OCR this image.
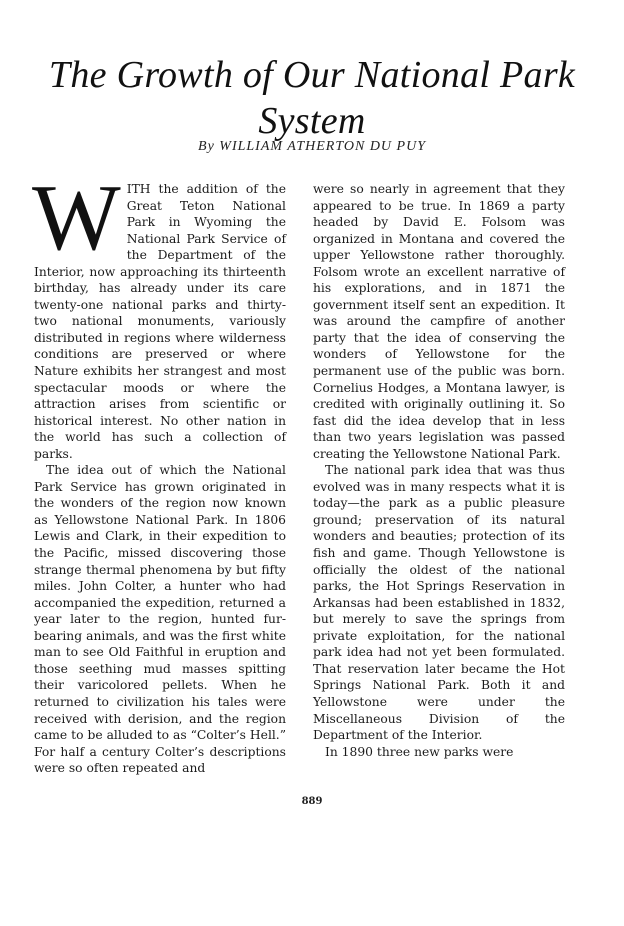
The Growth of Our National Park System
By WILLIAM ATHERTON DU PUY

WITH the addition of the Great Teton National Park in Wyoming the National Park Service of the Department of the Interior, now approaching its thirteenth birthday, has already under its care twenty-one national parks and thirty-two national monuments, variously distributed in regions where wilderness conditions are preserved or where Nature exhibits her strangest and most spectacular moods or where the attraction arises from scientific or historical interest. No other nation in the world has such a collection of parks.

The idea out of which the National Park Service has grown originated in the wonders of the region now known as Yellowstone National Park. In 1806 Lewis and Clark, in their expedition to the Pacific, missed discovering those strange thermal phenomena by but fifty miles. John Colter, a hunter who had accompanied the expedition, returned a year later to the region, hunted fur-bearing animals, and was the first white man to see Old Faithful in eruption and those seething mud masses spitting their varicolored pellets. When he returned to civilization his tales were received with derision, and the region came to be alluded to as “Colter’s Hell.” For half a century Colter’s descriptions were so often repeated and

were so nearly in agreement that they appeared to be true. In 1869 a party headed by David E. Folsom was organized in Montana and covered the upper Yellowstone rather thoroughly. Folsom wrote an excellent narrative of his explorations, and in 1871 the government itself sent an expedition. It was around the campfire of another party that the idea of conserving the wonders of Yellowstone for the permanent use of the public was born. Cornelius Hodges, a Montana lawyer, is credited with originally outlining it. So fast did the idea develop that in less than two years legislation was passed creating the Yellowstone National Park.

The national park idea that was thus evolved was in many respects what it is today—the park as a public pleasure ground; preservation of its natural wonders and beauties; protection of its fish and game. Though Yellowstone is officially the oldest of the national parks, the Hot Springs Reservation in Arkansas had been established in 1832, but merely to save the springs from private exploitation, for the national park idea had not yet been formulated. That reservation later became the Hot Springs National Park. Both it and Yellowstone were under the Miscellaneous Division of the Department of the Interior.

In 1890 three new parks were

889
